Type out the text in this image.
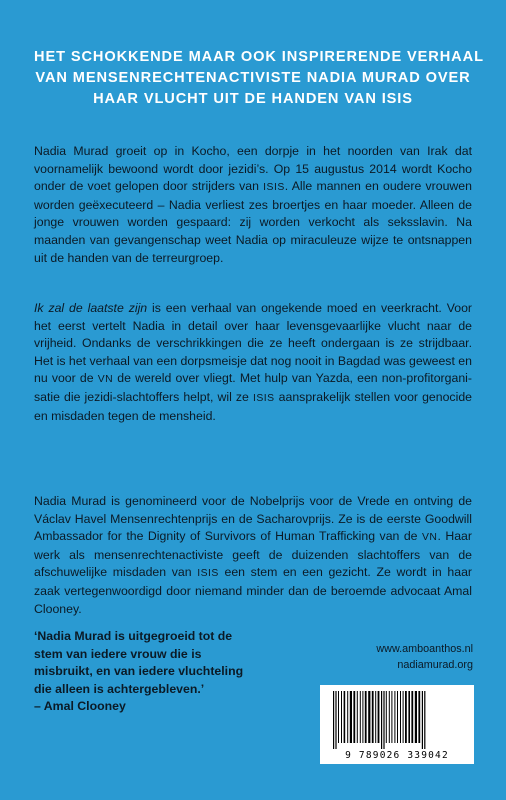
HET SCHOKKENDE MAAR OOK INSPIRERENDE VERHAAL
VAN MENSENRECHTENACTIVISTE NADIA MURAD OVER
HAAR VLUCHT UIT DE HANDEN VAN ISIS

Nadia Murad groeit op in Kocho, een dorpje in het noorden van Irak dat voornamelijk bewoond wordt door jezidi’s. Op 15 augustus 2014 wordt Kocho onder de voet gelopen door strijders van ISIS. Alle mannen en oudere vrouwen worden geëxecuteerd – Nadia verliest zes broertjes en haar moeder. Alleen de jonge vrouwen worden gespaard: zij worden verkocht als seksslavin. Na maanden van gevangenschap weet Nadia op miraculeuze wijze te ontsnappen uit de handen van de terreurgroep.

Ik zal de laatste zijn is een verhaal van ongekende moed en veerkracht. Voor het eerst vertelt Nadia in detail over haar levensgevaarlijke vlucht naar de vrijheid. Ondanks de verschrikkingen die ze heeft ondergaan is ze strijdbaar. Het is het verhaal van een dorpsmeisje dat nog nooit in Bagdad was geweest en nu voor de VN de wereld over vliegt. Met hulp van Yazda, een non-profitorganisatie die jezidi-slachtoffers helpt, wil ze ISIS aansprakelijk stellen voor genocide en misdaden tegen de mensheid.

Nadia Murad is genomineerd voor de Nobelprijs voor de Vrede en ontving de Václav Havel Mensenrechtenprijs en de Sacharovprijs. Ze is de eerste Goodwill Ambassador for the Dignity of Survivors of Human Trafficking van de VN. Haar werk als mensenrechtenactiviste geeft de duizenden slachtoffers van de afschuwelijke misdaden van ISIS een stem en een gezicht. Ze wordt in haar zaak vertegenwoordigd door niemand minder dan de beroemde advocaat Amal Clooney.

‘Nadia Murad is uitgegroeid tot de
stem van iedere vrouw die is
misbruikt, en van iedere vluchteling
die alleen is achtergebleven.’
– Amal Clooney
www.amboanthos.nl
nadiamurad.org
9 789026 339042
